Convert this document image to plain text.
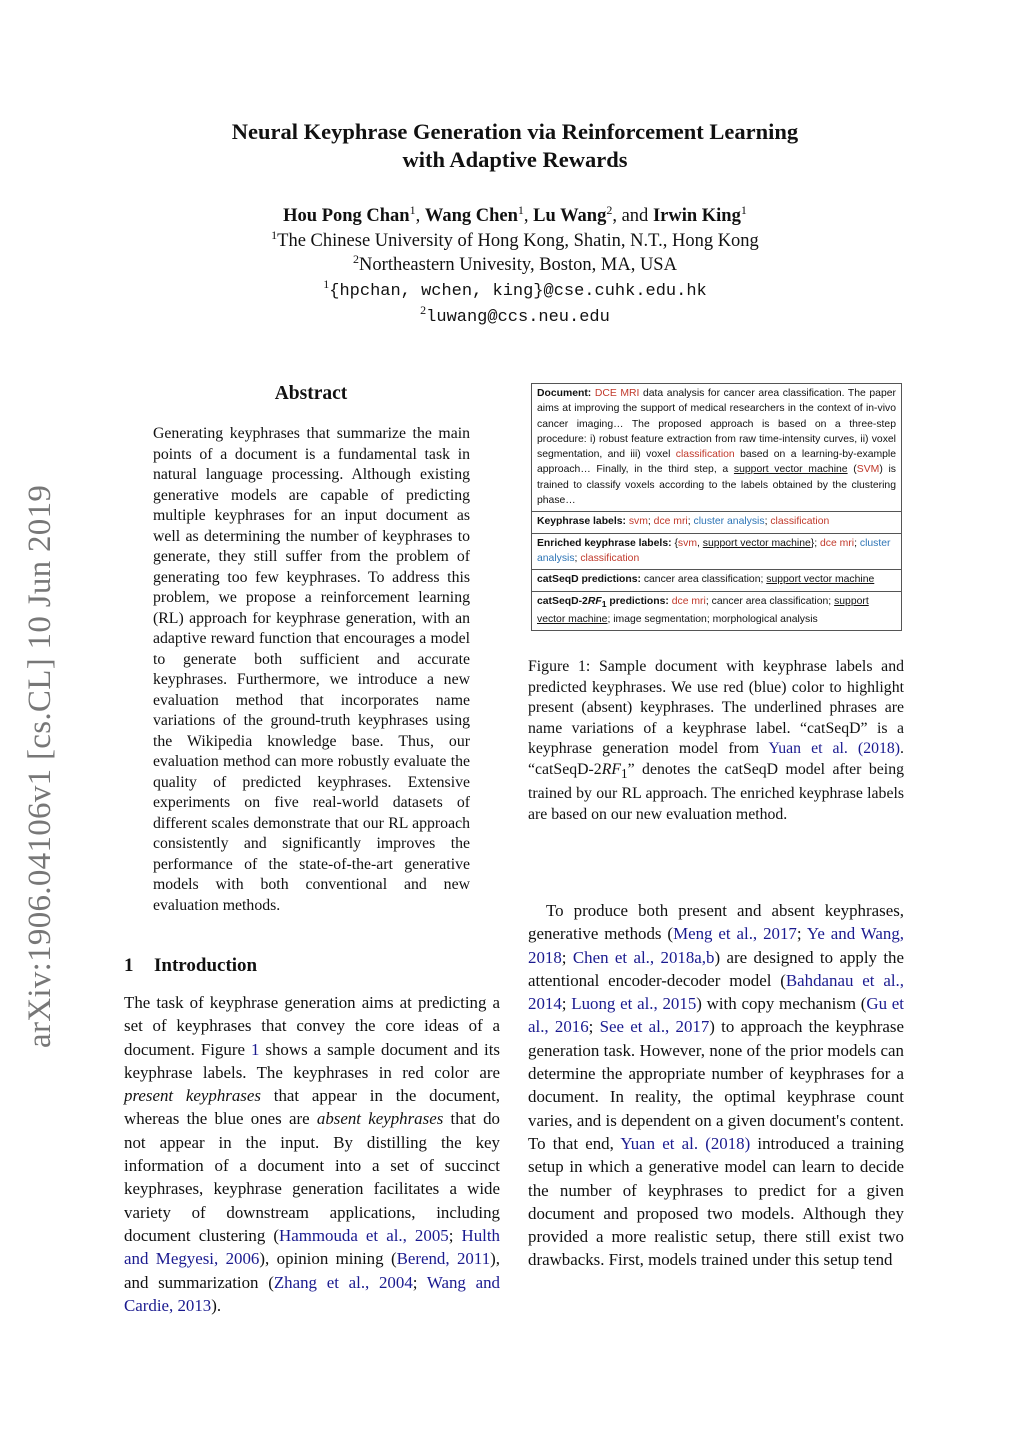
arXiv:1906.04106v1 [cs.CL] 10 Jun 2019
Neural Keyphrase Generation via Reinforcement Learning
with Adaptive Rewards
Hou Pong Chan$^1$, Wang Chen$^1$, Lu Wang$^2$, and Irwin King$^1$
$^1$The Chinese University of Hong Kong, Shatin, N.T., Hong Kong
$^2$Northeastern Univesity, Boston, MA, USA
$^1${hpchan, wchen, king}@cse.cuhk.edu.hk
$^2$luwang@ccs.neu.edu
Abstract
Generating keyphrases that summarize the main points of a document is a fundamental task in natural language processing. Although existing generative models are capable of predicting multiple keyphrases for an input document as well as determining the number of keyphrases to generate, they still suffer from the problem of generating too few keyphrases. To address this problem, we propose a reinforcement learning (RL) approach for keyphrase generation, with an adaptive reward function that encourages a model to generate both sufficient and accurate keyphrases. Furthermore, we introduce a new evaluation method that incorporates name variations of the ground-truth keyphrases using the Wikipedia knowledge base. Thus, our evaluation method can more robustly evaluate the quality of predicted keyphrases. Extensive experiments on five real-world datasets of different scales demonstrate that our RL approach consistently and significantly improves the performance of the state-of-the-art generative models with both conventional and new evaluation methods.
1 Introduction
The task of keyphrase generation aims at predicting a set of keyphrases that convey the core ideas of a document. Figure 1 shows a sample document and its keyphrase labels. The keyphrases in red color are present keyphrases that appear in the document, whereas the blue ones are absent keyphrases that do not appear in the input. By distilling the key information of a document into a set of succinct keyphrases, keyphrase generation facilitates a wide variety of downstream applications, including document clustering (Hammouda et al., 2005; Hulth and Megyesi, 2006), opinion mining (Berend, 2011), and summarization (Zhang et al., 2004; Wang and Cardie, 2013).
Document: DCE MRI data analysis for cancer area classification. The paper aims at improving the support of medical researchers in the context of in-vivo cancer imaging… The proposed approach is based on a three-step procedure: i) robust feature extraction from raw time-intensity curves, ii) voxel segmentation, and iii) voxel classification based on a learning-by-example approach… Finally, in the third step, a support vector machine (SVM) is trained to classify voxels according to the labels obtained by the clustering phase…
Keyphrase labels: svm; dce mri; cluster analysis; classification
Enriched keyphrase labels: {svm, support vector machine}; dce mri; cluster analysis; classification
catSeqD predictions: cancer area classification; support vector machine
catSeqD-$2RF_1$ predictions: dce mri; cancer area classification; support vector machine; image segmentation; morphological analysis
Figure 1: Sample document with keyphrase labels and predicted keyphrases. We use red (blue) color to highlight present (absent) keyphrases. The underlined phrases are name variations of a keyphrase label. “catSeqD” is a keyphrase generation model from Yuan et al. (2018). “$catSeqD-2RF_1$” denotes the catSeqD model after being trained by our RL approach. The enriched keyphrase labels are based on our new evaluation method.
To produce both present and absent keyphrases, generative methods (Meng et al., 2017; Ye and Wang, 2018; Chen et al., 2018a,b) are designed to apply the attentional encoder-decoder model (Bahdanau et al., 2014; Luong et al., 2015) with copy mechanism (Gu et al., 2016; See et al., 2017) to approach the keyphrase generation task. However, none of the prior models can determine the appropriate number of keyphrases for a document. In reality, the optimal keyphrase count varies, and is dependent on a given document's content. To that end, Yuan et al. (2018) introduced a training setup in which a generative model can learn to decide the number of keyphrases to predict for a given document and proposed two models. Although they provided a more realistic setup, there still exist two drawbacks. First, models trained under this setup tend
